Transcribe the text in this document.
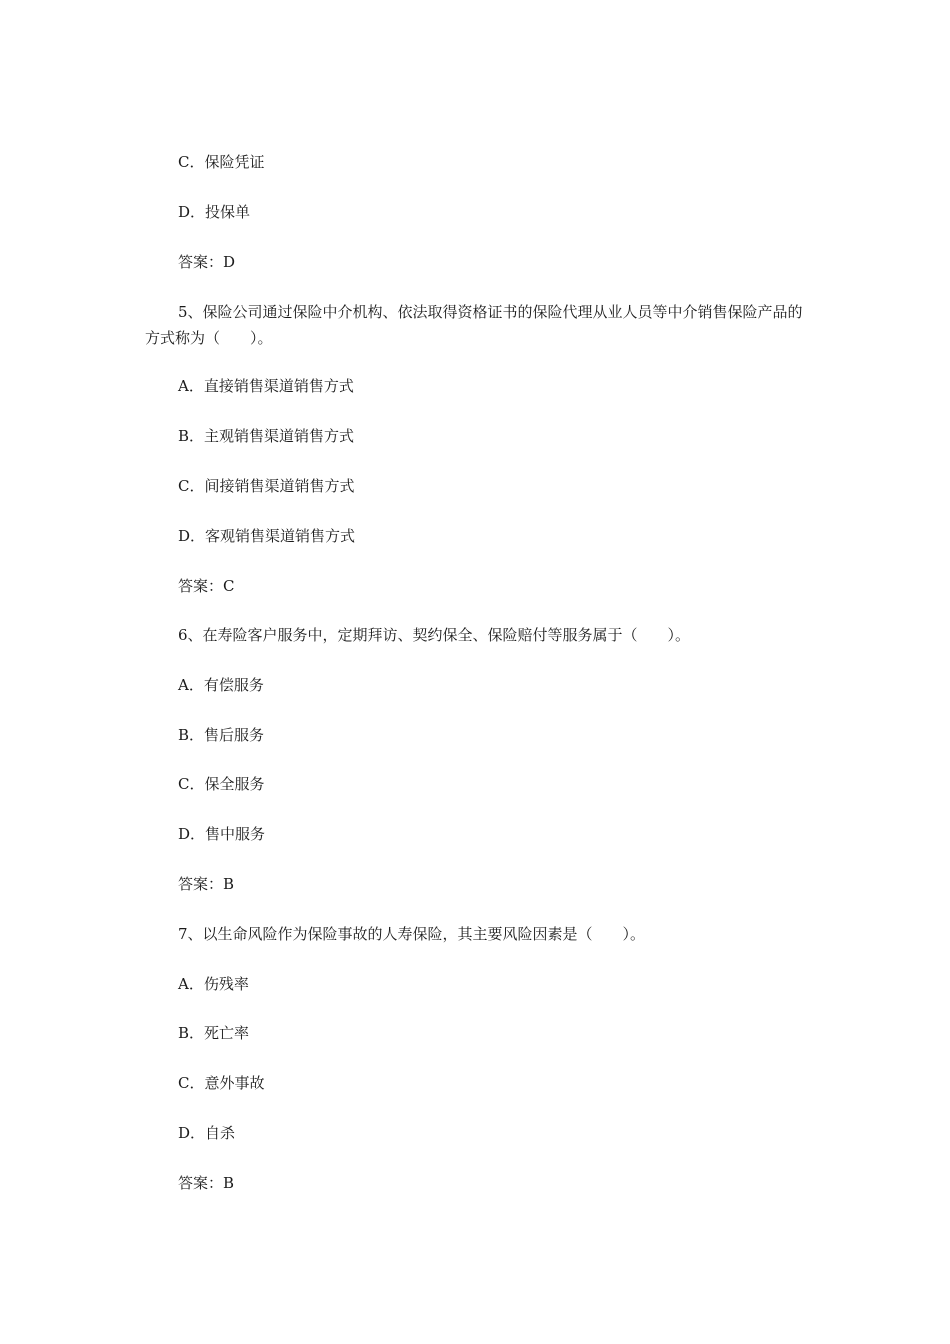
C．保险凭证
D．投保单
答案：D
5、保险公司通过保险中介机构、依法取得资格证书的保险代理从业人员等中介销售保险产品的方式称为（　　）。
A．直接销售渠道销售方式
B．主观销售渠道销售方式
C．间接销售渠道销售方式
D．客观销售渠道销售方式
答案：C
6、在寿险客户服务中，定期拜访、契约保全、保险赔付等服务属于（　　）。
A．有偿服务
B．售后服务
C．保全服务
D．售中服务
答案：B
7、以生命风险作为保险事故的人寿保险，其主要风险因素是（　　）。
A．伤残率
B．死亡率
C．意外事故
D．自杀
答案：B
